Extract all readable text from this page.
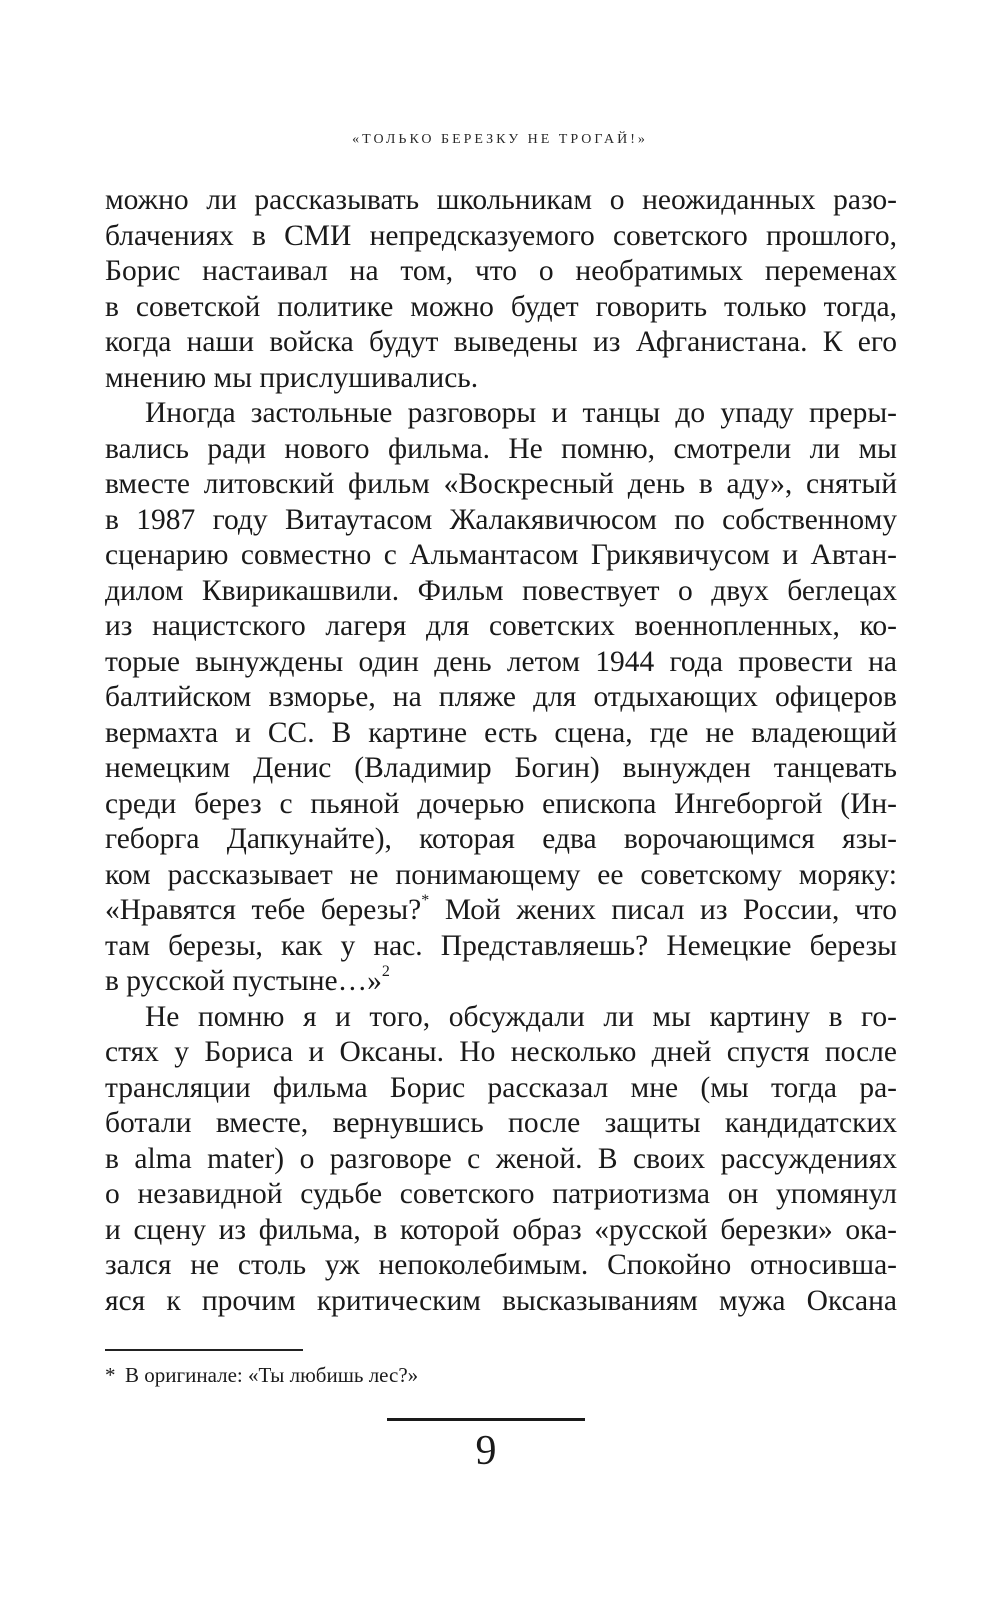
«ТОЛЬКО БЕРЕЗКУ НЕ ТРОГАЙ!»
можно ли рассказывать школьникам о неожиданных разо-
блачениях в СМИ непредсказуемого советского прошлого,
Борис настаивал на том, что о необратимых переменах
в советской политике можно будет говорить только тогда,
когда наши войска будут выведены из Афганистана. К его
мнению мы прислушивались.
Иногда застольные разговоры и танцы до упаду преры-
вались ради нового фильма. Не помню, смотрели ли мы
вместе литовский фильм «Воскресный день в аду», снятый
в 1987 году Витаутасом Жалакявичюсом по собственному
сценарию совместно с Альмантасом Грикявичусом и Автан-
дилом Квирикашвили. Фильм повествует о двух беглецах
из нацистского лагеря для советских военнопленных, ко-
торые вынуждены один день летом 1944 года провести на
балтийском взморье, на пляже для отдыхающих офицеров
вермахта и СС. В картине есть сцена, где не владеющий
немецким Денис (Владимир Богин) вынужден танцевать
среди берез с пьяной дочерью епископа Ингеборгой (Ин-
геборга Дапкунайте), которая едва ворочающимся язы-
ком рассказывает не понимающему ее советскому моряку:
«Нравятся тебе березы?* Мой жених писал из России, что
там березы, как у нас. Представляешь? Немецкие березы
в русской пустыне…»$^2$
Не помню я и того, обсуждали ли мы картину в го-
стях у Бориса и Оксаны. Но несколько дней спустя после
трансляции фильма Борис рассказал мне (мы тогда ра-
ботали вместе, вернувшись после защиты кандидатских
в alma mater) о разговоре с женой. В своих рассуждениях
о незавидной судьбе советского патриотизма он упомянул
и сцену из фильма, в которой образ «русской березки» ока-
зался не столь уж непоколебимым. Спокойно относивша-
яся к прочим критическим высказываниям мужа Оксана
* В оригинале: «Ты любишь лес?»
9
